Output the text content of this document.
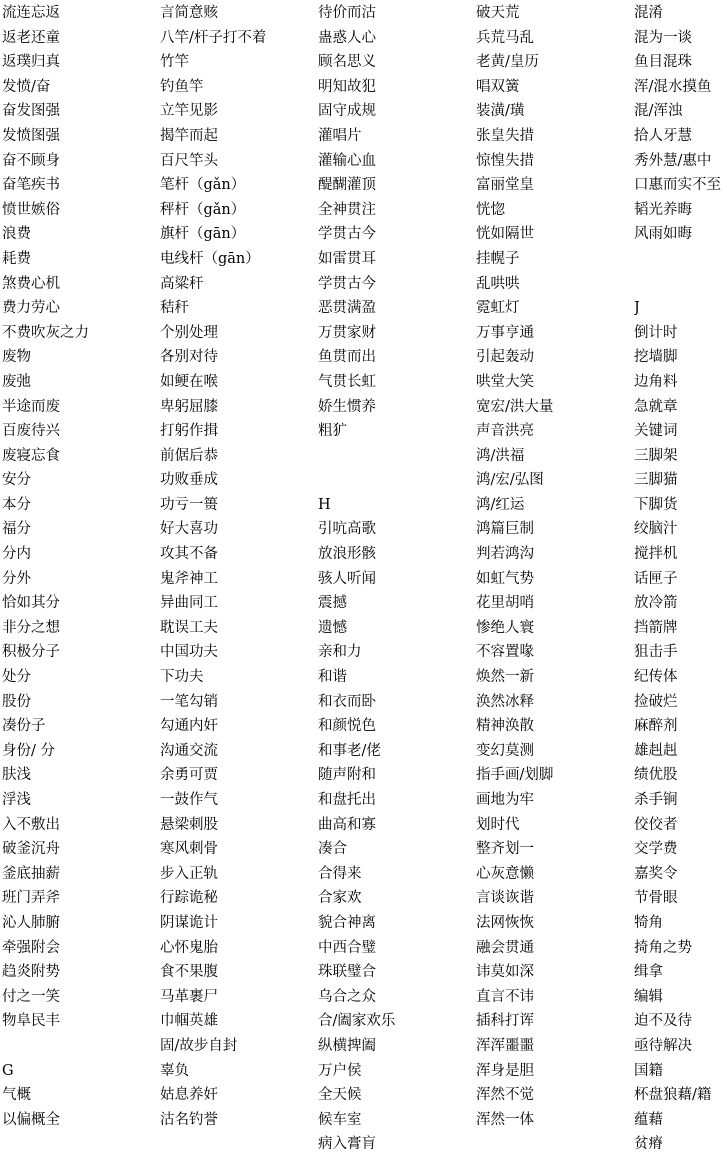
流连忘返
返老还童
返璞归真
发愤/奋
奋发图强
发愤图强
奋不顾身
奋笔疾书
愤世嫉俗
浪费
耗费
煞费心机
费力劳心
不费吹灰之力
废物
废弛
半途而废
百废待兴
废寝忘食
安分
本分
福分
分内
分外
恰如其分
非分之想
积极分子
处分
股份
凑份子
身份/ 分
肤浅
浮浅
入不敷出
破釜沉舟
釜底抽薪
班门弄斧
沁人肺腑
牵强附会
趋炎附势
付之一笑
物阜民丰
G
气概
以偏概全
言简意赅
八竿/杆子打不着
竹竿
钓鱼竿
立竿见影
揭竿而起
百尺竿头
笔杆（gǎn）
秤杆（gǎn）
旗杆（gān）
电线杆（gān）
高粱秆
秸秆
个别处理
各别对待
如鲠在喉
卑躬屈膝
打躬作揖
前倨后恭
功败垂成
功亏一篑
好大喜功
攻其不备
鬼斧神工
异曲同工
耽误工夫
中国功夫
下功夫
一笔勾销
勾通内奸
沟通交流
余勇可贾
一鼓作气
悬梁刺股
寒风刺骨
步入正轨
行踪诡秘
阴谋诡计
心怀鬼胎
食不果腹
马革裹尸
巾帼英雄
固/故步自封
辜负
姑息养奸
沽名钓誉
待价而沽
蛊惑人心
顾名思义
明知故犯
固守成规
灌唱片
灌输心血
醍醐灌顶
全神贯注
学贯古今
如雷贯耳
学贯古今
恶贯满盈
万贯家财
鱼贯而出
气贯长虹
娇生惯养
粗犷
H
引吭高歌
放浪形骸
骇人听闻
震撼
遗憾
亲和力
和谐
和衣而卧
和颜悦色
和事老/佬
随声附和
和盘托出
曲高和寡
凑合
合得来
合家欢
貌合神离
中西合璧
珠联璧合
乌合之众
合/阖家欢乐
纵横捭阖
万户侯
全天候
候车室
病入膏肓
破天荒
兵荒马乱
老黄/皇历
唱双簧
装潢/璜
张皇失措
惊惶失措
富丽堂皇
恍惚
恍如隔世
挂幌子
乱哄哄
霓虹灯
万事亨通
引起轰动
哄堂大笑
宽宏/洪大量
声音洪亮
鸿/洪福
鸿/宏/弘图
鸿/红运
鸿篇巨制
判若鸿沟
如虹气势
花里胡哨
惨绝人寰
不容置喙
焕然一新
涣然冰释
精神涣散
变幻莫测
指手画/划脚
画地为牢
划时代
整齐划一
心灰意懒
言谈诙谐
法网恢恢
融会贯通
讳莫如深
直言不讳
插科打诨
浑浑噩噩
浑身是胆
浑然不觉
浑然一体
混淆
混为一谈
鱼目混珠
浑/混水摸鱼
混/浑浊
拾人牙慧
秀外慧/惠中
口惠而实不至
韬光养晦
风雨如晦
J
倒计时
挖墙脚
边角料
急就章
关键词
三脚架
三脚猫
下脚货
绞脑汁
搅拌机
话匣子
放冷箭
挡箭牌
狙击手
纪传体
捡破烂
麻醉剂
雄赳赳
绩优股
杀手锏
佼佼者
交学费
嘉奖令
节骨眼
犄角
掎角之势
缉拿
编辑
迫不及待
亟待解决
国籍
杯盘狼藉/籍
蕴藉
贫瘠
